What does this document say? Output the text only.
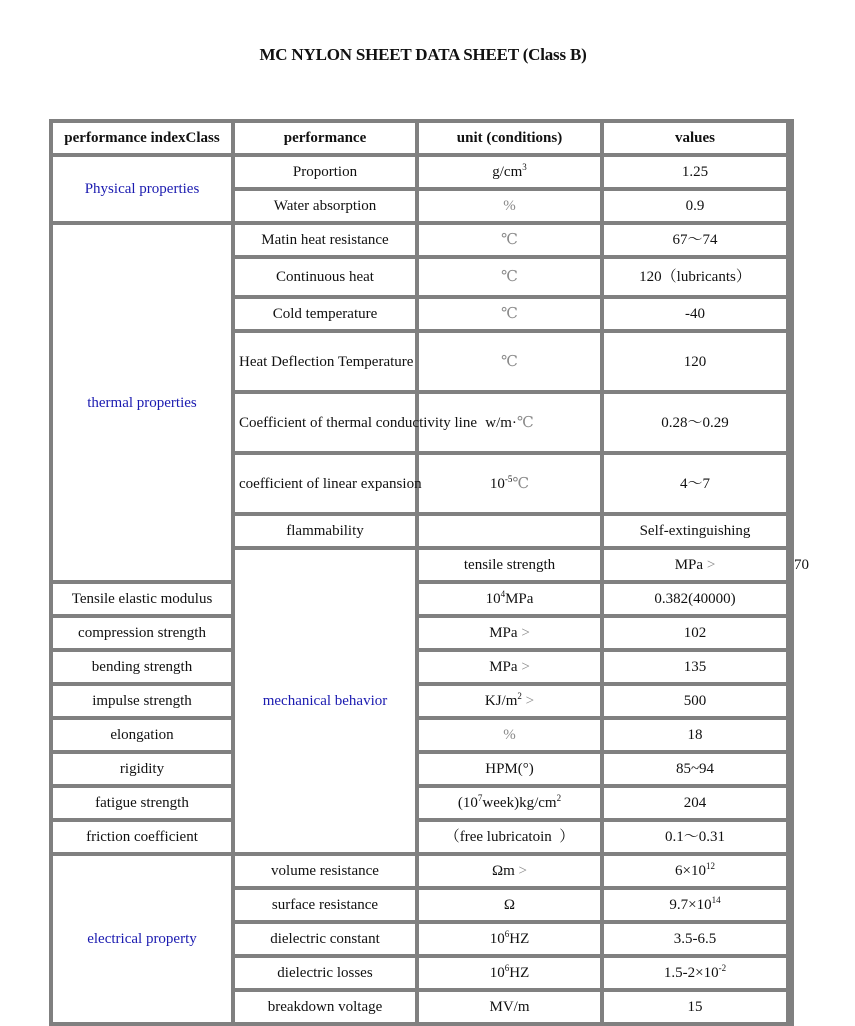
MC NYLON SHEET DATA SHEET (Class B)
performance indexClass	performance	unit (conditions)	values
Physical properties	Proportion	$g/cm^3$	1.25
Water absorption	%	0.9
thermal properties	Matin heat resistance	℃	67～74
Continuous heat	℃	120（lubricants）
Cold temperature	℃	-40
Heat Deflection Temperature	℃	120
Coefficient of thermal conductivity line	w/m·℃	0.28～0.29
coefficient of linear expansion	$10^{-5}℃$	4～7
flammability		Self-extinguishing
mechanical behavior	tensile strength	MPa >	70
Tensile elastic modulus	$10^4MPa$	0.382(40000)
compression strength	MPa >	102
bending strength	MPa >	135
impulse strength	$KJ/m^2$ >	500
elongation	%	18
rigidity	HPM(°)	85~94
fatigue strength	$(10^7week)kg/cm^2$	204
friction coefficient	（free lubricatoin  ）	0.1～0.31
electrical property	volume resistance	Ωm >	$6\times 10^{12}$
surface resistance	Ω	$9.7\times 10^{14}$
dielectric constant	$10^6HZ$	3.5-6.5
dielectric losses	$10^6HZ$	$1.5-2\times 10^{-2}$
breakdown voltage	MV/m	15
